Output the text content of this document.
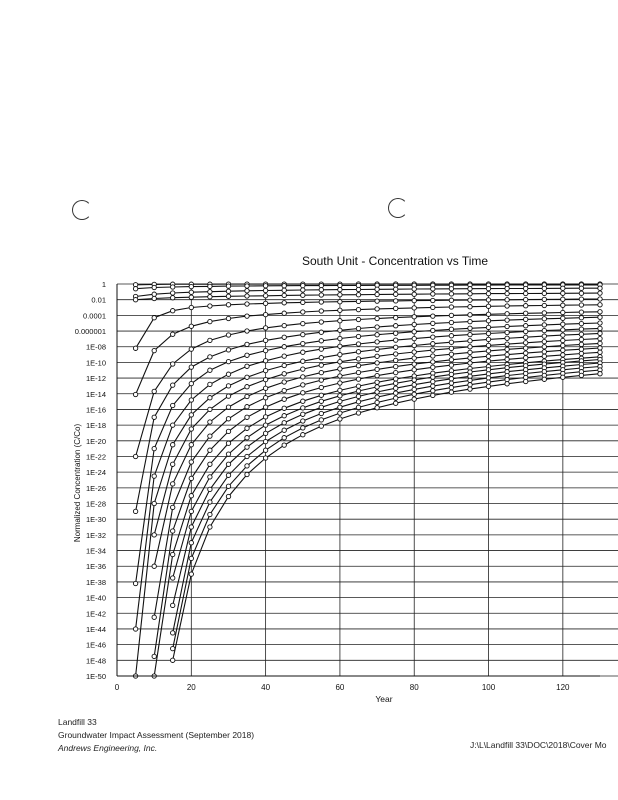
South Unit - Concentration vs Time
1
0.01
0.0001
0.000001
1E-08
1E-10
1E-12
1E-14
1E-16
1E-18
1E-20
1E-22
1E-24
1E-26
1E-28
1E-30
1E-32
1E-34
1E-36
1E-38
1E-40
1E-42
1E-44
1E-46
1E-48
1E-50
0	20	40	60	80	100	120
Year
Normalized Concentration (C/Co)
Landfill 33
Groundwater Impact Assessment (September 2018)
Andrews Engineering, Inc.	J:\L\Landfill 33\DOC\2018\Cover Mo
